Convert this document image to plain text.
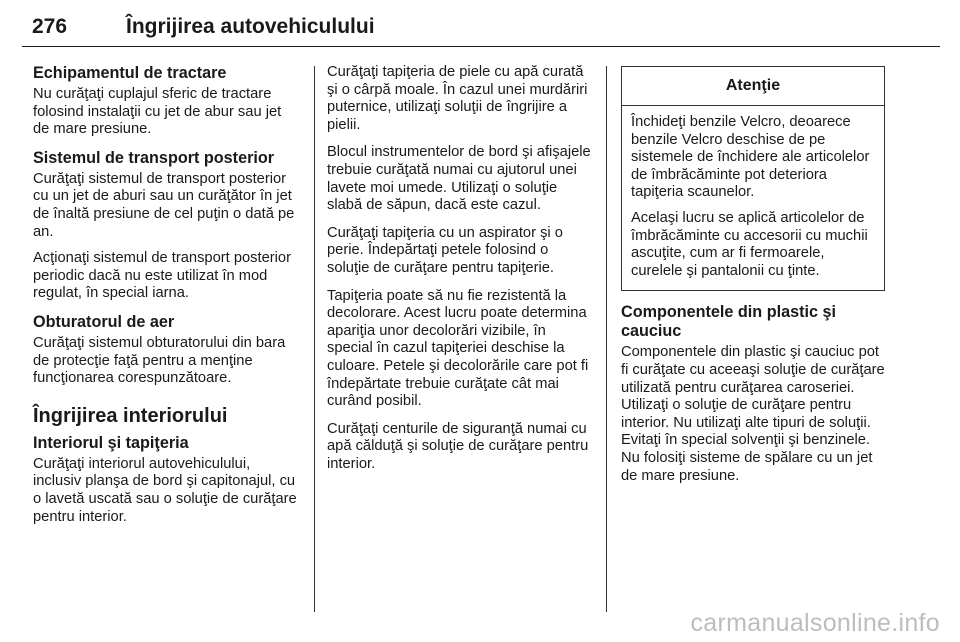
276	Îngrijirea autovehiculului
Echipamentul de tractare

Nu curăţaţi cuplajul sferic de tractare folosind instalaţii cu jet de abur sau jet de mare presiune.

Sistemul de transport posterior

Curăţaţi sistemul de transport posterior cu un jet de aburi sau un curăţător în jet de înaltă presiune de cel puţin o dată pe an.

Acţionaţi sistemul de transport posterior periodic dacă nu este utilizat în mod regulat, în special iarna.

Obturatorul de aer

Curăţaţi sistemul obturatorului din bara de protecţie faţă pentru a menţine funcţionarea corespunzătoare.

Îngrijirea interiorului
Interiorul şi tapiţeria

Curăţaţi interiorul autovehiculului, inclusiv planşa de bord şi capitonajul, cu o lavetă uscată sau o soluţie de curăţare pentru interior.

Curăţaţi tapiţeria de piele cu apă curată şi o cârpă moale. În cazul unei murdăriri puternice, utilizaţi soluţii de îngrijire a pielii.

Blocul instrumentelor de bord şi afişajele trebuie curăţată numai cu ajutorul unei lavete moi umede. Utilizaţi o soluţie slabă de săpun, dacă este cazul.

Curăţaţi tapiţeria cu un aspirator şi o perie. Îndepărtaţi petele folosind o soluţie de curăţare pentru tapiţerie.

Tapiţeria poate să nu fie rezistentă la decolorare. Acest lucru poate determina apariţia unor decolorări vizibile, în special în cazul tapiţeriei deschise la culoare. Petele şi decolorările care pot fi îndepărtate trebuie curăţate cât mai curând posibil.

Curăţaţi centurile de siguranţă numai cu apă călduţă şi soluţie de curăţare pentru interior.

Atenţie

Închideţi benzile Velcro, deoarece benzile Velcro deschise de pe sistemele de închidere ale articolelor de îmbrăcăminte pot deteriora tapiţeria scaunelor.

Acelaşi lucru se aplică articolelor de îmbrăcăminte cu accesorii cu muchii ascuţite, cum ar fi fermoarele, curelele şi pantalonii cu ţinte.

Componentele din plastic şi cauciuc

Componentele din plastic şi cauciuc pot fi curăţate cu aceeaşi soluţie de curăţare utilizată pentru curăţarea caroseriei. Utilizaţi o soluţie de curăţare pentru interior. Nu utilizaţi alte tipuri de soluţii. Evitaţi în special solvenţii şi benzinele. Nu folosiţi sisteme de spălare cu un jet de mare presiune.

carmanualsonline.info
